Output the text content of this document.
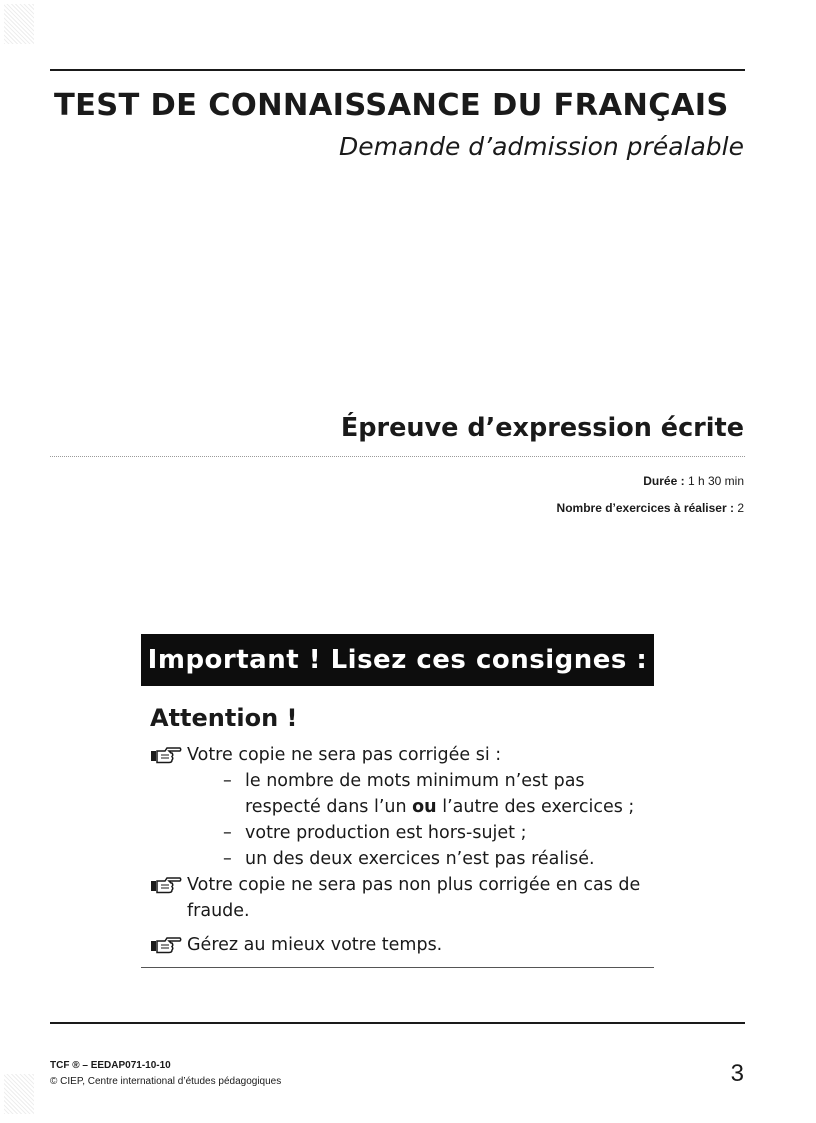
TEST DE CONNAISSANCE DU FRANÇAIS
Demande d’admission préalable
Épreuve d’expression écrite
Durée : 1 h 30 min
Nombre d’exercices à réaliser : 2
Important ! Lisez ces consignes :
Attention !
Votre copie ne sera pas corrigée si :
– le nombre de mots minimum n’est pas respecté dans l’un ou l’autre des exercices ;
– votre production est hors-sujet ;
– un des deux exercices n’est pas réalisé.
Votre copie ne sera pas non plus corrigée en cas de fraude.
Gérez au mieux votre temps.
TCF ® – EEDAP071-10-10
© CIEP, Centre international d’études pédagogiques	3
